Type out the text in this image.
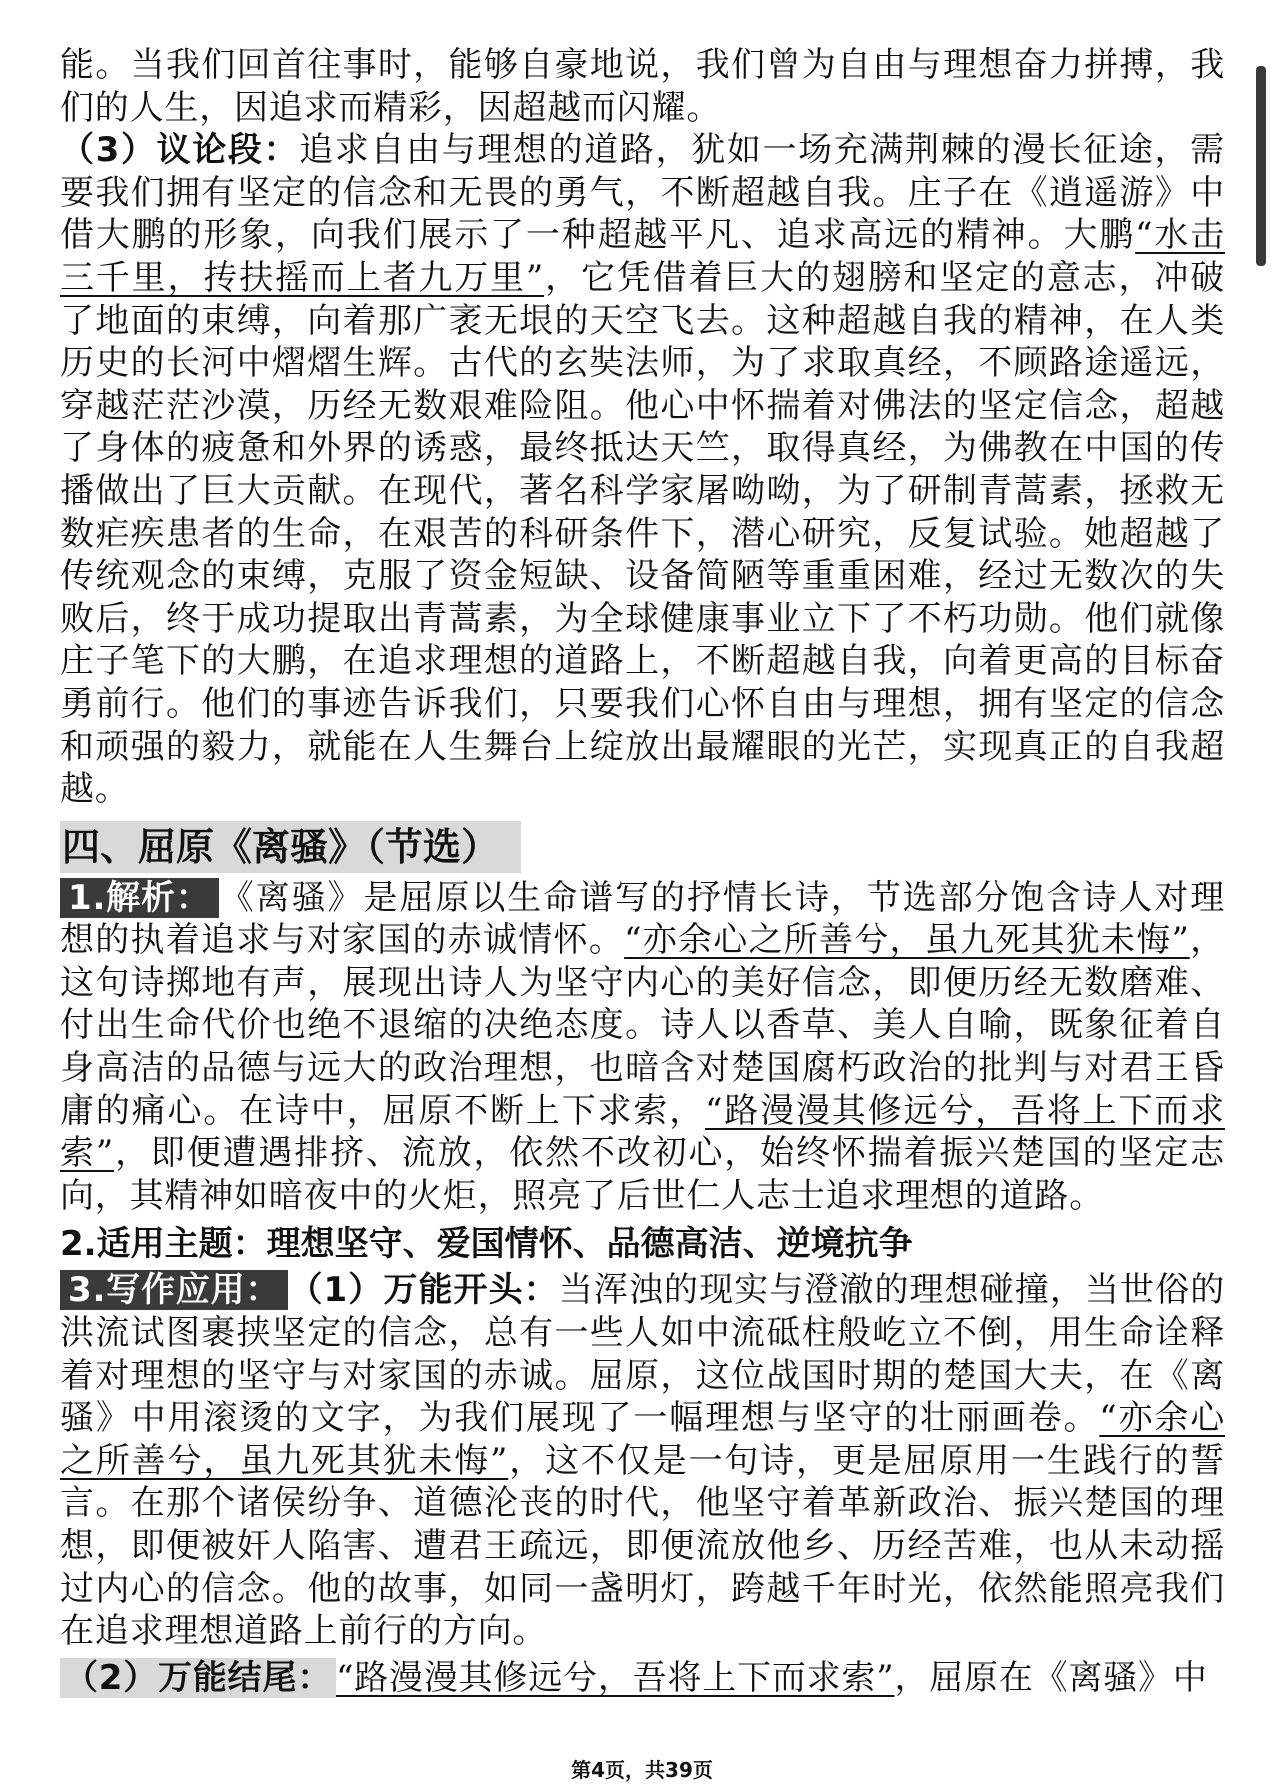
能。当我们回首往事时，能够自豪地说，我们曾为自由与理想奋力拼搏，我们的人生，因追求而精彩，因超越而闪耀。

（3）议论段：追求自由与理想的道路，犹如一场充满荆棘的漫长征途，需要我们拥有坚定的信念和无畏的勇气，不断超越自我。庄子在《逍遥游》中借大鹏的形象，向我们展示了一种超越平凡、追求高远的精神。大鹏“水击三千里，抟扶摇而上者九万里”，它凭借着巨大的翅膀和坚定的意志，冲破了地面的束缚，向着那广袤无垠的天空飞去。这种超越自我的精神，在人类历史的长河中熠熠生辉。古代的玄奘法师，为了求取真经，不顾路途遥远，穿越茫茫沙漠，历经无数艰难险阻。他心中怀揣着对佛法的坚定信念，超越了身体的疲惫和外界的诱惑，最终抵达天竺，取得真经，为佛教在中国的传播做出了巨大贡献。在现代，著名科学家屠呦呦，为了研制青蒿素，拯救无数疟疾患者的生命，在艰苦的科研条件下，潜心研究，反复试验。她超越了传统观念的束缚，克服了资金短缺、设备简陋等重重困难，经过无数次的失败后，终于成功提取出青蒿素，为全球健康事业立下了不朽功勋。他们就像庄子笔下的大鹏，在追求理想的道路上，不断超越自我，向着更高的目标奋勇前行。他们的事迹告诉我们，只要我们心怀自由与理想，拥有坚定的信念和顽强的毅力，就能在人生舞台上绽放出最耀眼的光芒，实现真正的自我超越。

四、屈原《离骚》（节选）

1.解析： 《离骚》是屈原以生命谱写的抒情长诗，节选部分饱含诗人对理想的执着追求与对家国的赤诚情怀。“亦余心之所善兮，虽九死其犹未悔”，这句诗掷地有声，展现出诗人为坚守内心的美好信念，即便历经无数磨难、付出生命代价也绝不退缩的决绝态度。诗人以香草、美人自喻，既象征着自身高洁的品德与远大的政治理想，也暗含对楚国腐朽政治的批判与对君王昏庸的痛心。在诗中，屈原不断上下求索，“路漫漫其修远兮，吾将上下而求索”，即便遭遇排挤、流放，依然不改初心，始终怀揣着振兴楚国的坚定志向，其精神如暗夜中的火炬，照亮了后世仁人志士追求理想的道路。

2.适用主题：理想坚守、爱国情怀、品德高洁、逆境抗争

3.写作应用： （1）万能开头：当浑浊的现实与澄澈的理想碰撞，当世俗的洪流试图裹挟坚定的信念，总有一些人如中流砥柱般屹立不倒，用生命诠释着对理想的坚守与对家国的赤诚。屈原，这位战国时期的楚国大夫，在《离骚》中用滚烫的文字，为我们展现了一幅理想与坚守的壮丽画卷。“亦余心之所善兮，虽九死其犹未悔”，这不仅是一句诗，更是屈原用一生践行的誓言。在那个诸侯纷争、道德沦丧的时代，他坚守着革新政治、振兴楚国的理想，即便被奸人陷害、遭君王疏远，即便流放他乡、历经苦难，也从未动摇过内心的信念。他的故事，如同一盏明灯，跨越千年时光，依然能照亮我们在追求理想道路上前行的方向。

（2）万能结尾： “路漫漫其修远兮，吾将上下而求索”，屈原在《离骚》中

第4页，共39页
